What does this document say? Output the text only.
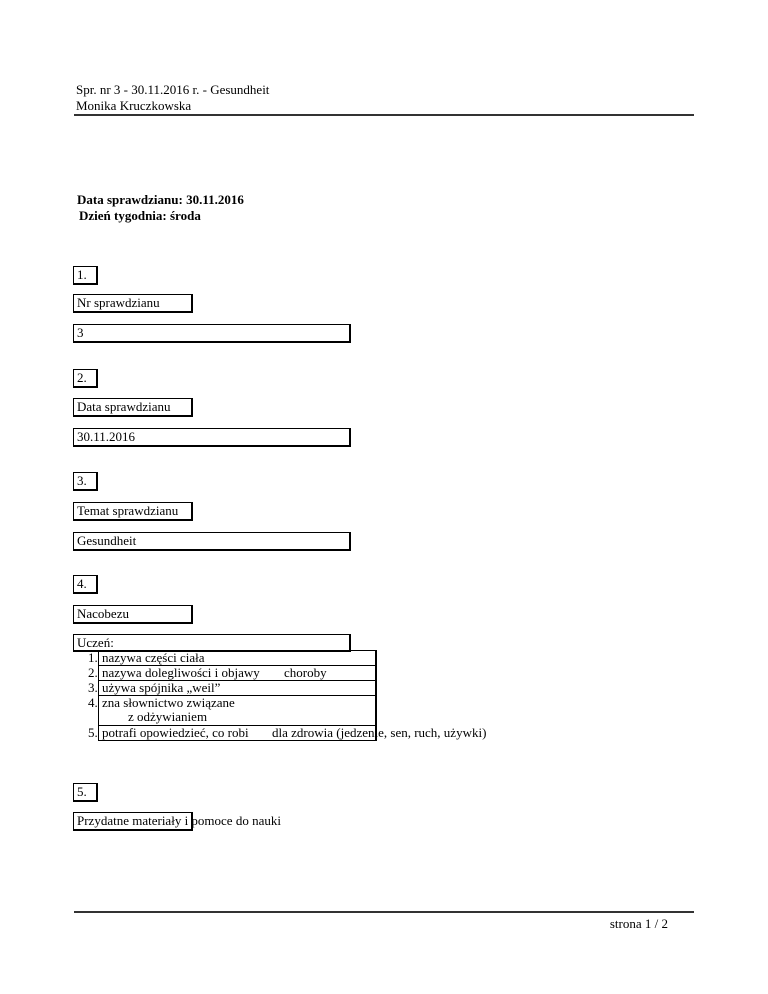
Spr. nr 3 - 30.11.2016 r. - Gesundheit
Monika Kruczkowska
Data sprawdzianu: 30.11.2016
Dzień tygodnia: środa
1.
Nr sprawdzianu
3
2.
Data sprawdzianu
30.11.2016
3.
Temat sprawdzianu
Gesundheit
4.
Nacobezu
Uczeń:
1. nazywa części ciała
2. nazywa dolegliwości i objawy choroby
3. używa spójnika „weil”
4. zna słownictwo związane
z odżywianiem
5. potrafi opowiedzieć, co robi dla zdrowia (jedzenie, sen, ruch, używki)
5.
Przydatne materiały i pomoce do nauki
strona 1 / 2
